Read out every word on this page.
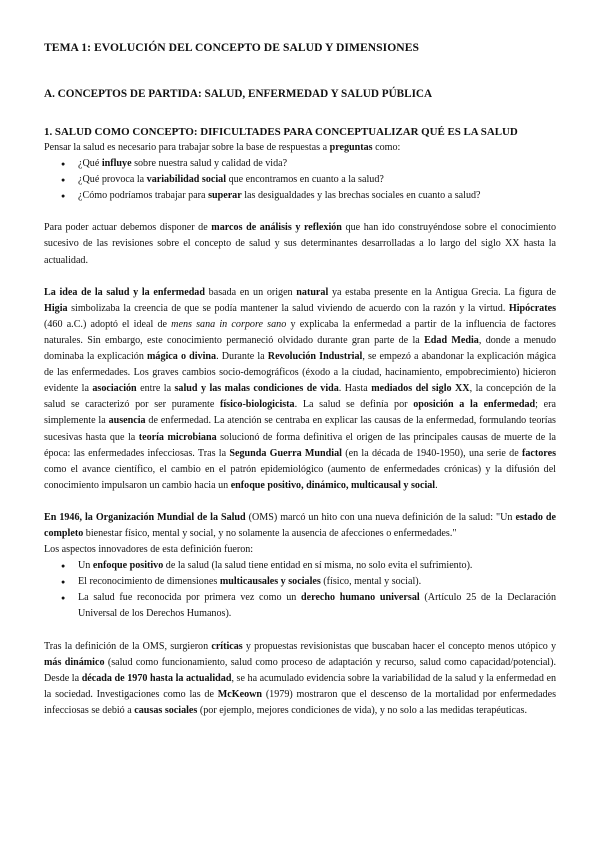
TEMA 1: EVOLUCIÓN DEL CONCEPTO DE SALUD Y DIMENSIONES
A. CONCEPTOS DE PARTIDA: SALUD, ENFERMEDAD Y SALUD PÚBLICA
1. SALUD COMO CONCEPTO: DIFICULTADES PARA CONCEPTUALIZAR QUÉ ES LA SALUD

Pensar la salud es necesario para trabajar sobre la base de respuestas a preguntas como:

● ¿Qué influye sobre nuestra salud y calidad de vida?
● ¿Qué provoca la variabilidad social que encontramos en cuanto a la salud?
● ¿Cómo podríamos trabajar para superar las desigualdades y las brechas sociales en cuanto a salud?

Para poder actuar debemos disponer de marcos de análisis y reflexión que han ido construyéndose sobre el conocimiento sucesivo de las revisiones sobre el concepto de salud y sus determinantes desarrolladas a lo largo del siglo XX hasta la actualidad.

La idea de la salud y la enfermedad basada en un origen natural ya estaba presente en la Antigua Grecia. La figura de Higia simbolizaba la creencia de que se podía mantener la salud viviendo de acuerdo con la razón y la virtud. Hipócrates (460 a.C.) adoptó el ideal de mens sana in corpore sano y explicaba la enfermedad a partir de la influencia de factores naturales. Sin embargo, este conocimiento permaneció olvidado durante gran parte de la Edad Media, donde a menudo dominaba la explicación mágica o divina. Durante la Revolución Industrial, se empezó a abandonar la explicación mágica de las enfermedades. Los graves cambios socio-demográficos (éxodo a la ciudad, hacinamiento, empobrecimiento) hicieron evidente la asociación entre la salud y las malas condiciones de vida. Hasta mediados del siglo XX, la concepción de la salud se caracterizó por ser puramente físico-biologicista. La salud se definía por oposición a la enfermedad; era simplemente la ausencia de enfermedad. La atención se centraba en explicar las causas de la enfermedad, formulando teorías sucesivas hasta que la teoría microbiana solucionó de forma definitiva el origen de las principales causas de muerte de la época: las enfermedades infecciosas. Tras la Segunda Guerra Mundial (en la década de 1940-1950), una serie de factores como el avance científico, el cambio en el patrón epidemiológico (aumento de enfermedades crónicas) y la difusión del conocimiento impulsaron un cambio hacia un enfoque positivo, dinámico, multicausal y social.

En 1946, la Organización Mundial de la Salud (OMS) marcó un hito con una nueva definición de la salud: "Un estado de completo bienestar físico, mental y social, y no solamente la ausencia de afecciones o enfermedades."

Los aspectos innovadores de esta definición fueron:

● Un enfoque positivo de la salud (la salud tiene entidad en sí misma, no solo evita el sufrimiento).
● El reconocimiento de dimensiones multicausales y sociales (físico, mental y social).
● La salud fue reconocida por primera vez como un derecho humano universal (Artículo 25 de la Declaración Universal de los Derechos Humanos).

Tras la definición de la OMS, surgieron críticas y propuestas revisionistas que buscaban hacer el concepto menos utópico y más dinámico (salud como funcionamiento, salud como proceso de adaptación y recurso, salud como capacidad/potencial). Desde la década de 1970 hasta la actualidad, se ha acumulado evidencia sobre la variabilidad de la salud y la enfermedad en la sociedad. Investigaciones como las de McKeown (1979) mostraron que el descenso de la mortalidad por enfermedades infecciosas se debió a causas sociales (por ejemplo, mejores condiciones de vida), y no solo a las medidas terapéuticas.
